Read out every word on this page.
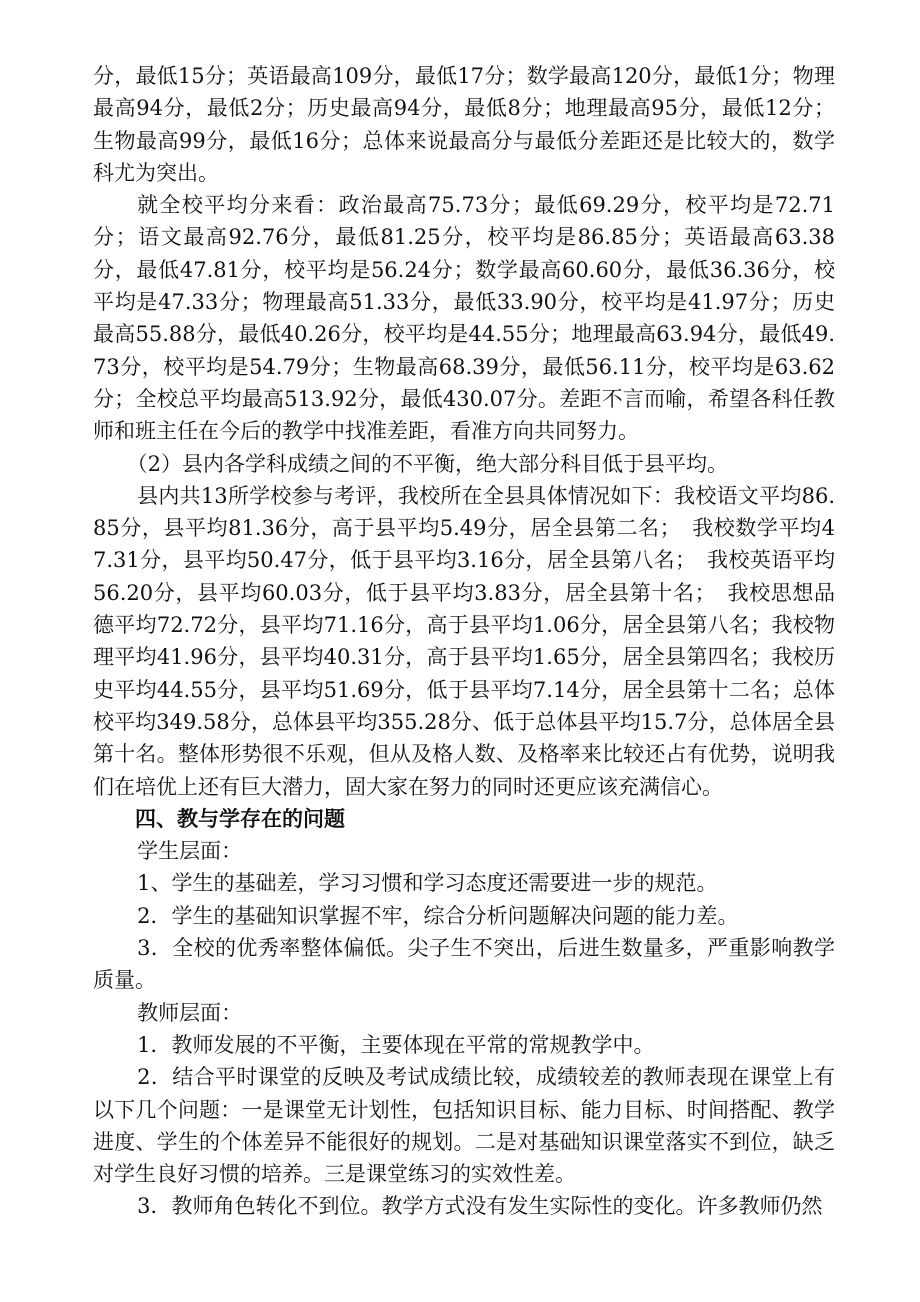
分，最低15分；英语最高109分，最低17分；数学最高120分，最低1分；物理最高94分，最低2分；历史最高94分，最低8分；地理最高95分，最低12分；生物最高99分，最低16分；总体来说最高分与最低分差距还是比较大的，数学科尤为突出。

就全校平均分来看：政治最高75.73分；最低69.29分，校平均是72.71分；语文最高92.76分，最低81.25分，校平均是86.85分；英语最高63.38分，最低47.81分，校平均是56.24分；数学最高60.60分，最低36.36分，校平均是47.33分；物理最高51.33分，最低33.90分，校平均是41.97分；历史最高55.88分，最低40.26分，校平均是44.55分；地理最高63.94分，最低49.73分，校平均是54.79分；生物最高68.39分，最低56.11分，校平均是63.62分；全校总平均最高513.92分，最低430.07分。差距不言而喻，希望各科任教师和班主任在今后的教学中找准差距，看准方向共同努力。

（2）县内各学科成绩之间的不平衡，绝大部分科目低于县平均。

县内共13所学校参与考评，我校所在全县具体情况如下：我校语文平均86.85分，县平均81.36分，高于县平均5.49分，居全县第二名；　我校数学平均47.31分，县平均50.47分，低于县平均3.16分，居全县第八名；　我校英语平均56.20分，县平均60.03分，低于县平均3.83分，居全县第十名；　我校思想品德平均72.72分，县平均71.16分，高于县平均1.06分，居全县第八名；我校物理平均41.96分，县平均40.31分，高于县平均1.65分，居全县第四名；我校历史平均44.55分，县平均51.69分，低于县平均7.14分，居全县第十二名；总体校平均349.58分，总体县平均355.28分、低于总体县平均15.7分，总体居全县第十名。整体形势很不乐观，但从及格人数、及格率来比较还占有优势，说明我们在培优上还有巨大潜力，固大家在努力的同时还更应该充满信心。

四、教与学存在的问题

学生层面：

1、学生的基础差，学习习惯和学习态度还需要进一步的规范。

2．学生的基础知识掌握不牢，综合分析问题解决问题的能力差。

3．全校的优秀率整体偏低。尖子生不突出，后进生数量多，严重影响教学质量。

教师层面：

1．教师发展的不平衡，主要体现在平常的常规教学中。

2．结合平时课堂的反映及考试成绩比较，成绩较差的教师表现在课堂上有以下几个问题：一是课堂无计划性，包括知识目标、能力目标、时间搭配、教学进度、学生的个体差异不能很好的规划。二是对基础知识课堂落实不到位，缺乏对学生良好习惯的培养。三是课堂练习的实效性差。

3．教师角色转化不到位。教学方式没有发生实际性的变化。许多教师仍然
